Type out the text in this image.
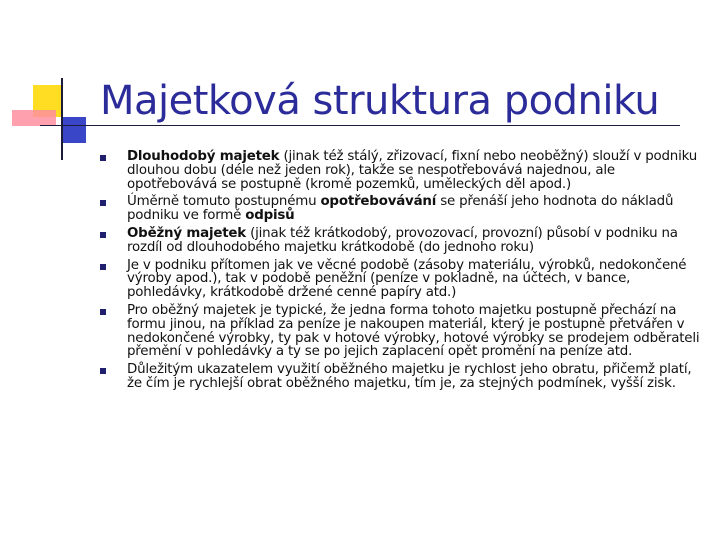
Majetková struktura podniku
Dlouhodobý majetek (jinak též stálý, zřizovací, fixní nebo neoběžný) slouží v podniku dlouhou dobu (déle než jeden rok), takže se nespotřebovává najednou, ale opotřebovává se postupně (kromě pozemků, uměleckých děl apod.)
Úměrně tomuto postupnému opotřebovávání se přenáší jeho hodnota do nákladů podniku ve formě odpisů
Oběžný majetek (jinak též krátkodobý, provozovací, provozní) působí v podniku na rozdíl od dlouhodobého majetku krátkodobě (do jednoho roku)
Je v podniku přítomen jak ve věcné podobě (zásoby materiálu, výrobků, nedokončené výroby apod.), tak v podobě peněžní (peníze v pokladně, na účtech, v bance, pohledávky, krátkodobě držené cenné papíry atd.)
Pro oběžný majetek je typické, že jedna forma tohoto majetku postupně přechází na formu jinou, na příklad za peníze je nakoupen materiál, který je postupně přetvářen v nedokončené výrobky, ty pak v hotové výrobky, hotové výrobky se prodejem odběrateli přemění v pohledávky a ty se po jejich zaplacení opět promění na peníze atd.
Důležitým ukazatelem využití oběžného majetku je rychlost jeho obratu, přičemž platí, že čím je rychlejší obrat oběžného majetku, tím je, za stejných podmínek, vyšší zisk.
